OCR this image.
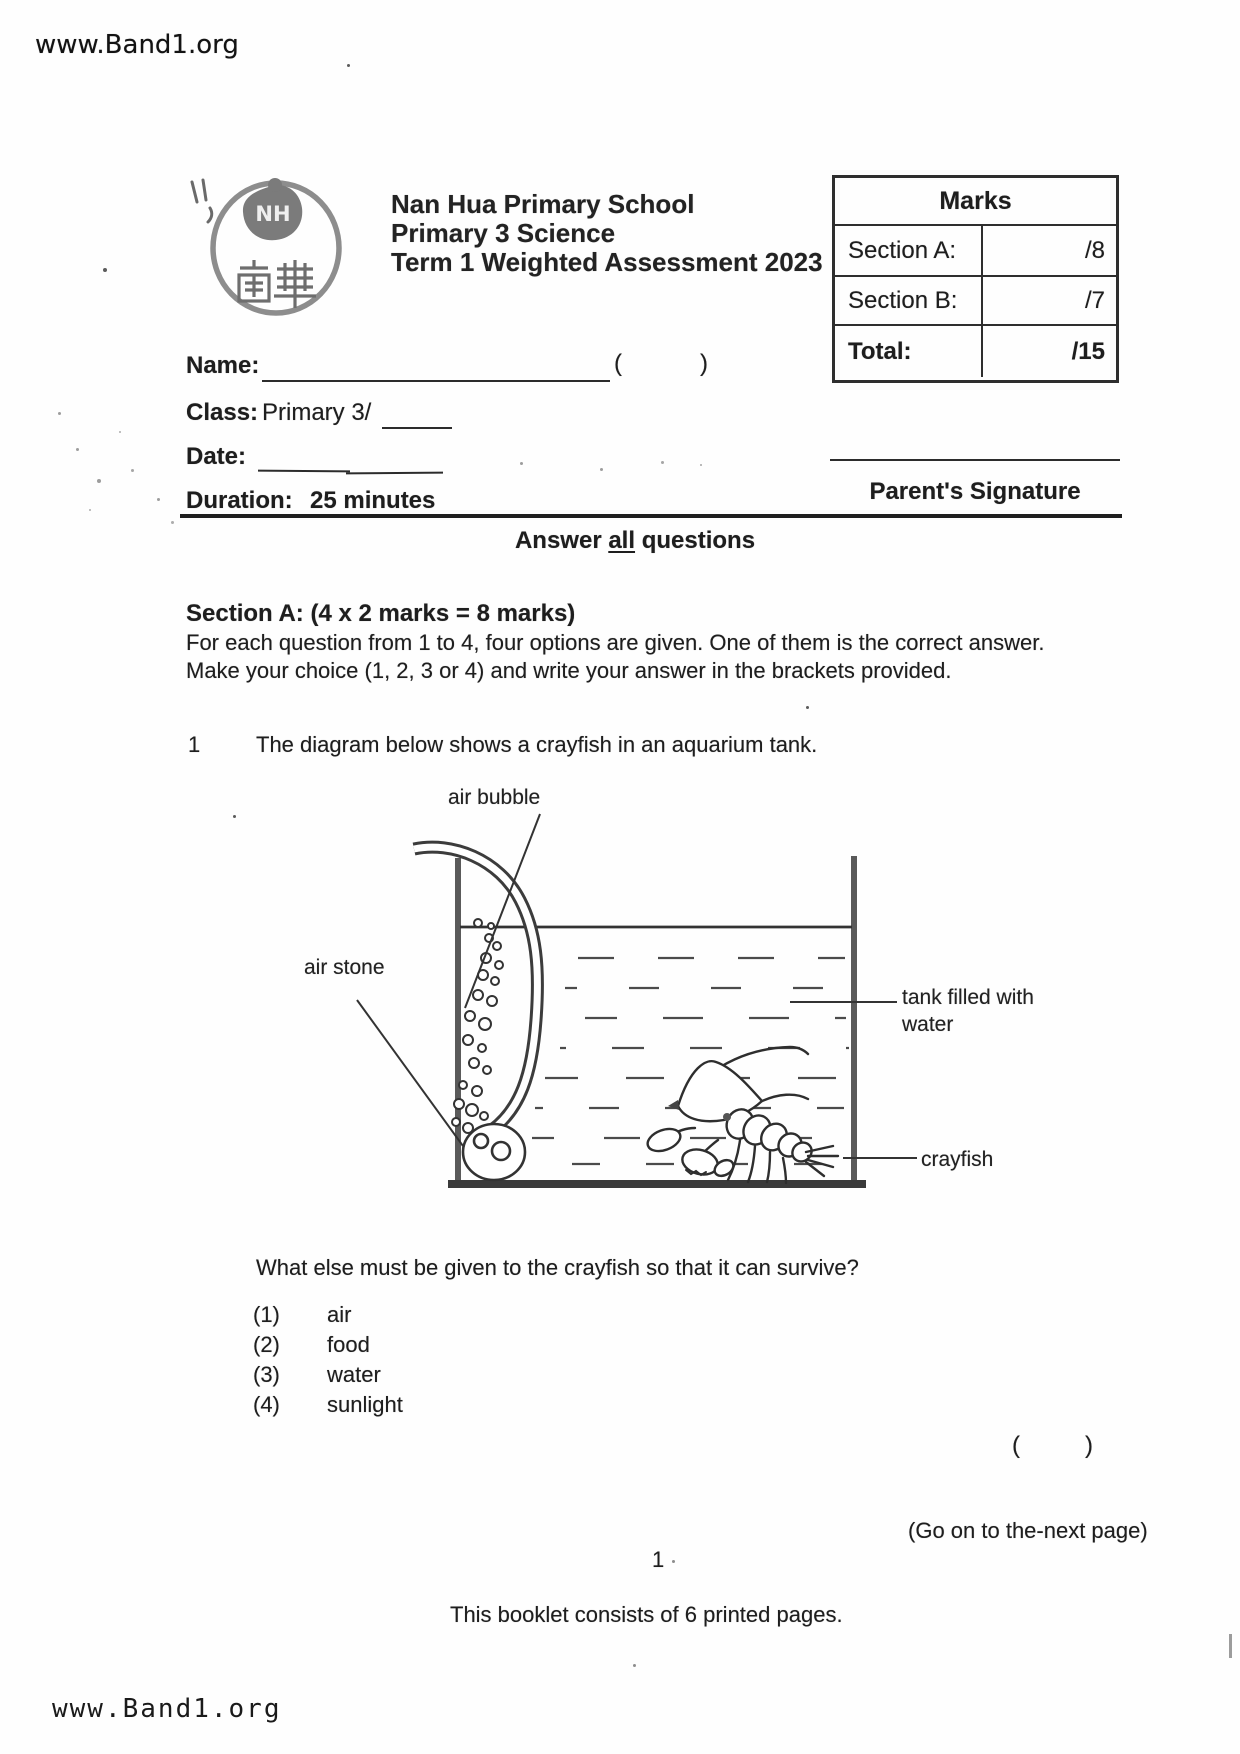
www.Band1.org
www.Band1.org
NH	Nan Hua Primary School
Primary 3 Science
Term 1 Weighted Assessment 2023
Marks
Section A:	/8
Section B:	/7
Total:	/15
Name:	(	)
Class: Primary 3/
Date:
Duration: 25 minutes	Parent's Signature
Answer all questions
Section A: (4 x 2 marks = 8 marks)
For each question from 1 to 4, four options are given. One of them is the correct answer.
Make your choice (1, 2, 3 or 4) and write your answer in the brackets provided.
1	The diagram below shows a crayfish in an aquarium tank.
air bubble
air stone
tank filled with water
crayfish
What else must be given to the crayfish so that it can survive?
(1) air
(2) food
(3) water
(4) sunlight
(	)
(Go on to the-next page)
1
This booklet consists of 6 printed pages.
